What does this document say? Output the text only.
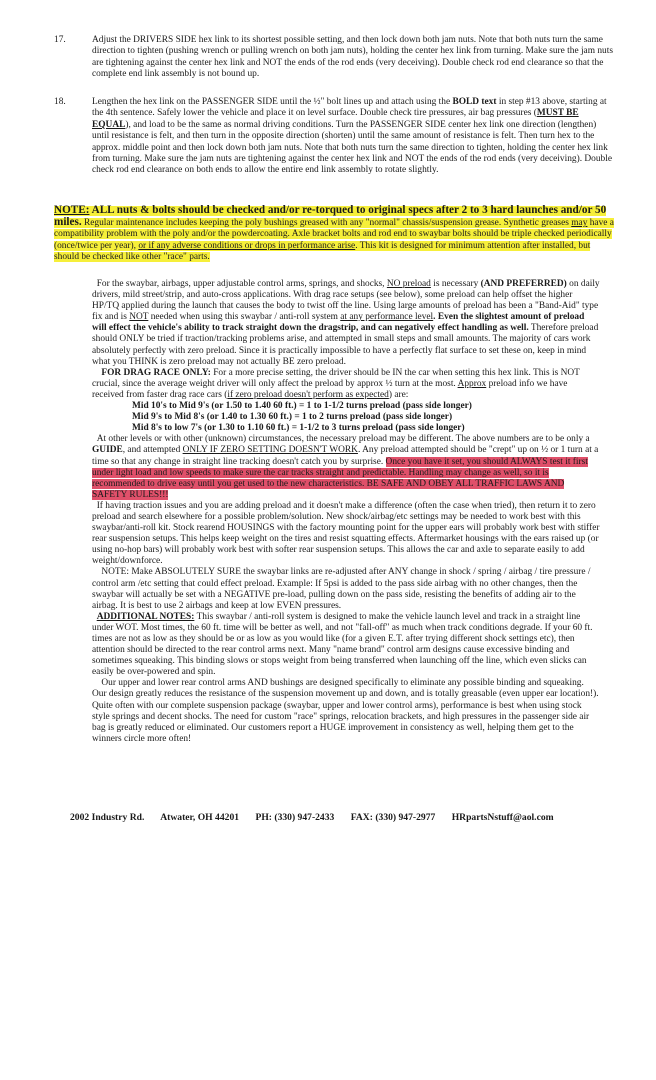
17.	Adjust the DRIVERS SIDE hex link to its shortest possible setting, and then lock down both jam nuts. Note that both nuts turn the same direction to tighten (pushing wrench or pulling wrench on both jam nuts), holding the center hex link from turning. Make sure the jam nuts are tightening against the center hex link and NOT the ends of the rod ends (very deceiving). Double check rod end clearance so that the complete end link assembly is not bound up.
18.	Lengthen the hex link on the PASSENGER SIDE until the ½" bolt lines up and attach using the BOLD text in step #13 above, starting at the 4th sentence. Safely lower the vehicle and place it on level surface. Double check tire pressures, air bag pressures (MUST BE EQUAL), and load to be the same as normal driving conditions. Turn the PASSENGER SIDE center hex link one direction (lengthen) until resistance is felt, and then turn in the opposite direction (shorten) until the same amount of resistance is felt. Then turn hex to the approx. middle point and then lock down both jam nuts. Note that both nuts turn the same direction to tighten, holding the center hex link from turning. Make sure the jam nuts are tightening against the center hex link and NOT the ends of the rod ends (very deceiving). Double check rod end clearance on both ends to allow the entire end link assembly to rotate slightly.
NOTE: ALL nuts & bolts should be checked and/or re-torqued to original specs after 2 to 3 hard launches and/or 50 miles. Regular maintenance includes keeping the poly bushings greased with any "normal" chassis/suspension grease. Synthetic greases may have a compatibility problem with the poly and/or the powdercoating. Axle bracket bolts and rod end to swaybar bolts should be triple checked periodically (once/twice per year), or if any adverse conditions or drops in performance arise. This kit is designed for minimum attention after installed, but should be checked like other "race" parts.

For the swaybar, airbags, upper adjustable control arms, springs, and shocks, NO preload is necessary (AND PREFERRED) on daily drivers, mild street/strip, and auto-cross applications. With drag race setups (see below), some preload can help offset the higher HP/TQ applied during the launch that causes the body to twist off the line. Using large amounts of preload has been a "Band-Aid" type fix and is NOT needed when using this swaybar / anti-roll system at any performance level. Even the slightest amount of preload will effect the vehicle's ability to track straight down the dragstrip, and can negatively effect handling as well. Therefore preload should ONLY be tried if traction/tracking problems arise, and attempted in small steps and small amounts. The majority of cars work absolutely perfectly with zero preload. Since it is practically impossible to have a perfectly flat surface to set these on, keep in mind what you THINK is zero preload may not actually BE zero preload.

FOR DRAG RACE ONLY: For a more precise setting, the driver should be IN the car when setting this hex link. This is NOT crucial, since the average weight driver will only affect the preload by approx ½ turn at the most. Approx preload info we have received from faster drag race cars (if zero preload doesn't perform as expected) are:

Mid 10's to Mid 9's (or 1.50 to 1.40 60 ft.) = 1 to 1-1/2 turns preload (pass side longer)

Mid 9's to Mid 8's (or 1.40 to 1.30 60 ft.) = 1 to 2 turns preload (pass side longer)

Mid 8's to low 7's (or 1.30 to 1.10 60 ft.) = 1-1/2 to 3 turns preload (pass side longer)

At other levels or with other (unknown) circumstances, the necessary preload may be different. The above numbers are to be only a GUIDE, and attempted ONLY IF ZERO SETTING DOESN'T WORK. Any preload attempted should be "crept" up on ½ or 1 turn at a time so that any change in straight line tracking doesn't catch you by surprise. Once you have it set, you should ALWAYS test it first under light load and low speeds to make sure the car tracks straight and predictable. Handling may change as well, so it is recommended to drive easy until you get used to the new characteristics. BE SAFE AND OBEY ALL TRAFFIC LAWS AND SAFETY RULES!!!

If having traction issues and you are adding preload and it doesn't make a difference (often the case when tried), then return it to zero preload and search elsewhere for a possible problem/solution. New shock/airbag/etc settings may be needed to work best with this swaybar/anti-roll kit. Stock rearend HOUSINGS with the factory mounting point for the upper ears will probably work best with stiffer rear suspension setups. This helps keep weight on the tires and resist squatting effects. Aftermarket housings with the ears raised up (or using no-hop bars) will probably work best with softer rear suspension setups. This allows the car and axle to separate easily to add weight/downforce.

NOTE: Make ABSOLUTELY SURE the swaybar links are re-adjusted after ANY change in shock / spring / airbag / tire pressure / control arm /etc setting that could effect preload. Example: If 5psi is added to the pass side airbag with no other changes, then the swaybar will actually be set with a NEGATIVE pre-load, pulling down on the pass side, resisting the benefits of adding air to the airbag. It is best to use 2 airbags and keep at low EVEN pressures.

ADDITIONAL NOTES: This swaybar / anti-roll system is designed to make the vehicle launch level and track in a straight line under WOT. Most times, the 60 ft. time will be better as well, and not "fall-off" as much when track conditions degrade. If your 60 ft. times are not as low as they should be or as low as you would like (for a given E.T. after trying different shock settings etc), then attention should be directed to the rear control arms next. Many "name brand" control arm designs cause excessive binding and sometimes squeaking. This binding slows or stops weight from being transferred when launching off the line, which even slicks can easily be over-powered and spin.

Our upper and lower rear control arms AND bushings are designed specifically to eliminate any possible binding and squeaking. Our design greatly reduces the resistance of the suspension movement up and down, and is totally greasable (even upper ear location!). Quite often with our complete suspension package (swaybar, upper and lower control arms), performance is best when using stock style springs and decent shocks. The need for custom "race" springs, relocation brackets, and high pressures in the passenger side air bag is greatly reduced or eliminated. Our customers report a HUGE improvement in consistency as well, helping them get to the winners circle more often!

2002 Industry Rd. Atwater, OH 44201 PH: (330) 947-2433 FAX: (330) 947-2977 HRpartsNstuff@aol.com
